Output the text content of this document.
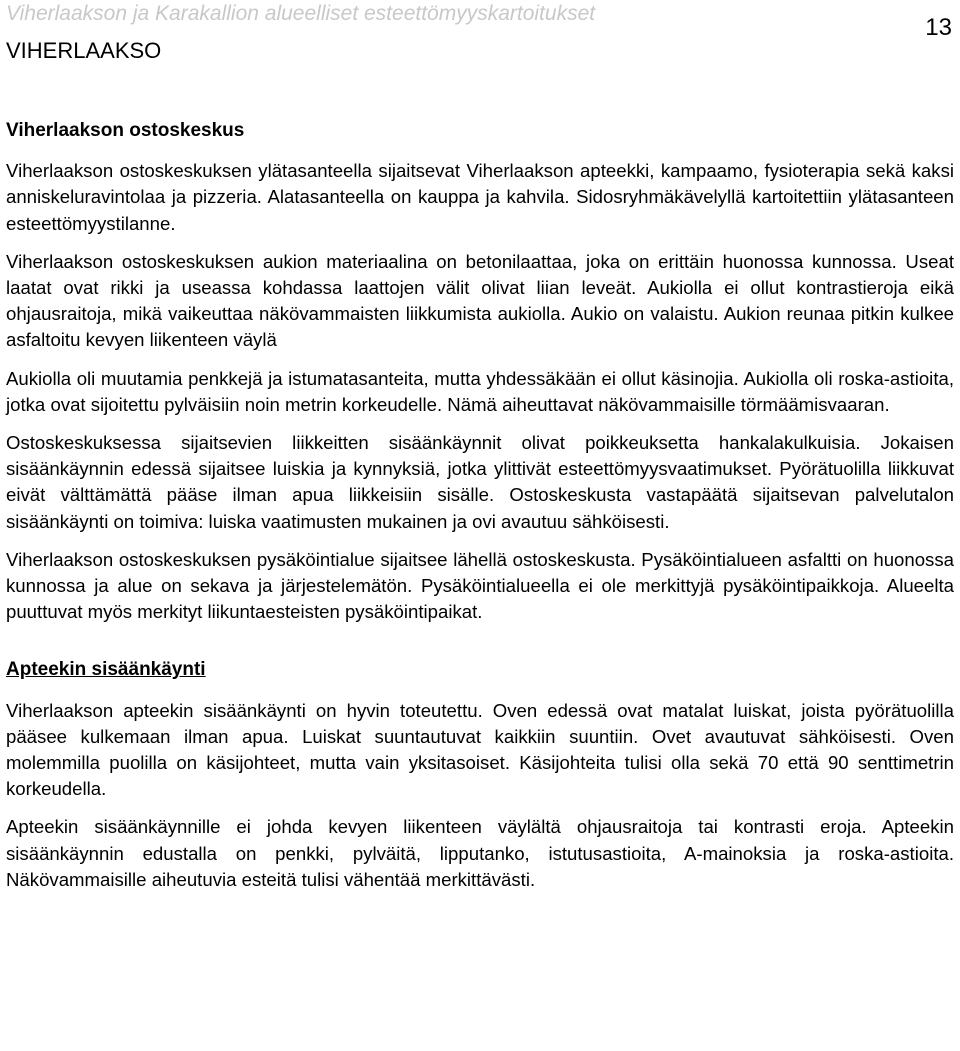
Viherlaakson ja Karakallion alueelliset esteettömyyskartoitukset
13
VIHERLAAKSO
Viherlaakson ostoskeskus

Viherlaakson ostoskeskuksen ylätasanteella sijaitsevat Viherlaakson apteekki, kampaamo, fysioterapia sekä kaksi anniskeluravintolaa ja pizzeria. Alatasanteella on kauppa ja kahvila. Sidosryhmäkävelyllä kartoitettiin ylätasanteen esteettömyystilanne.

Viherlaakson ostoskeskuksen aukion materiaalina on betonilaattaa, joka on erittäin huonossa kunnossa. Useat laatat ovat rikki ja useassa kohdassa laattojen välit olivat liian leveät. Aukiolla ei ollut kontrastieroja eikä ohjausraitoja, mikä vaikeuttaa näkövammaisten liikkumista aukiolla. Aukio on valaistu. Aukion reunaa pitkin kulkee asfaltoitu kevyen liikenteen väylä

Aukiolla oli muutamia penkkejä ja istumatasanteita, mutta yhdessäkään ei ollut käsinojia. Aukiolla oli roska-astioita, jotka ovat sijoitettu pylväisiin noin metrin korkeudelle. Nämä aiheuttavat näkövammaisille törmäämisvaaran.

Ostoskeskuksessa sijaitsevien liikkeitten sisäänkäynnit olivat poikkeuksetta hankalakulkuisia. Jokaisen sisäänkäynnin edessä sijaitsee luiskia ja kynnyksiä, jotka ylittivät esteettömyysvaatimukset. Pyörätuolilla liikkuvat eivät välttämättä pääse ilman apua liikkeisiin sisälle. Ostoskeskusta vastapäätä sijaitsevan palvelutalon sisäänkäynti on toimiva: luiska vaatimusten mukainen ja ovi avautuu sähköisesti.

Viherlaakson ostoskeskuksen pysäköintialue sijaitsee lähellä ostoskeskusta. Pysäköintialueen asfaltti on huonossa kunnossa ja alue on sekava ja järjestelemätön. Pysäköintialueella ei ole merkittyjä pysäköintipaikkoja. Alueelta puuttuvat myös merkityt liikuntaesteisten pysäköintipaikat.

Apteekin sisäänkäynti

Viherlaakson apteekin sisäänkäynti on hyvin toteutettu. Oven edessä ovat matalat luiskat, joista pyörätuolilla pääsee kulkemaan ilman apua. Luiskat suuntautuvat kaikkiin suuntiin. Ovet avautuvat sähköisesti. Oven molemmilla puolilla on käsijohteet, mutta vain yksitasoiset. Käsijohteita tulisi olla sekä 70 että 90 senttimetrin korkeudella.

Apteekin sisäänkäynnille ei johda kevyen liikenteen väylältä ohjausraitoja tai kontrasti eroja. Apteekin sisäänkäynnin edustalla on penkki, pylväitä, lipputanko, istutusastioita, A-mainoksia ja roska-astioita. Näkövammaisille aiheutuvia esteitä tulisi vähentää merkittävästi.
